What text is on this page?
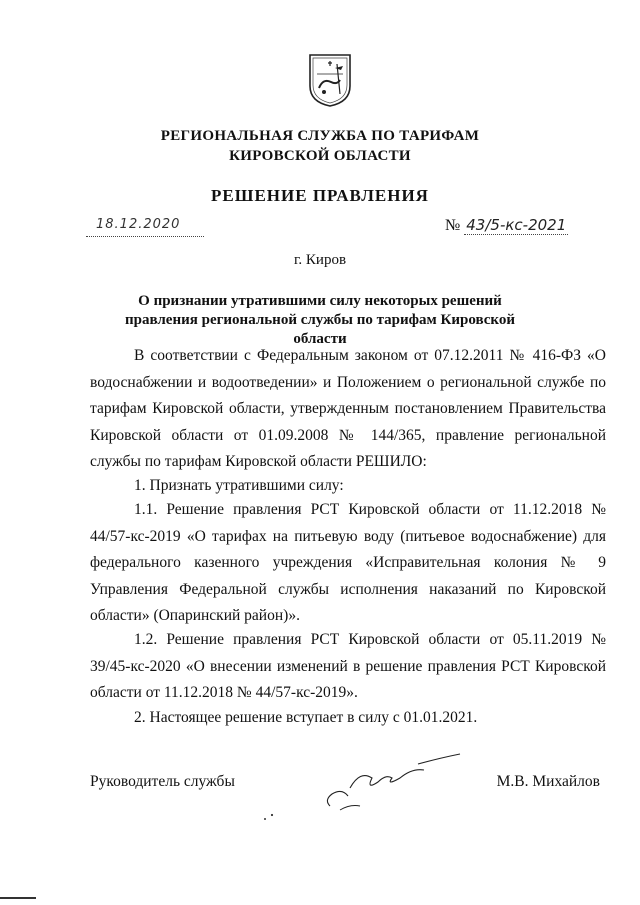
РЕГИОНАЛЬНАЯ СЛУЖБА ПО ТАРИФАМ
КИРОВСКОЙ ОБЛАСТИ
РЕШЕНИЕ ПРАВЛЕНИЯ
18.12.2020	№ 43/5-кс-2021
г. Киров
О признании утратившими силу некоторых решений правления региональной службы по тарифам Кировской области
В соответствии с Федеральным законом от 07.12.2011 № 416-ФЗ «О водоснабжении и водоотведении» и Положением о региональной службе по тарифам Кировской области, утвержденным постановлением Правительства Кировской области от 01.09.2008 № 144/365, правление региональной службы по тарифам Кировской области РЕШИЛО:
1. Признать утратившими силу:
1.1. Решение правления РСТ Кировской области от 11.12.2018 № 44/57-кс-2019 «О тарифах на питьевую воду (питьевое водоснабжение) для федерального казенного учреждения «Исправительная колония № 9 Управления Федеральной службы исполнения наказаний по Кировской области» (Опаринский район)».
1.2. Решение правления РСТ Кировской области от 05.11.2019 № 39/45-кс-2020 «О внесении изменений в решение правления РСТ Кировской области от 11.12.2018 № 44/57-кс-2019».
2. Настоящее решение вступает в силу с 01.01.2021.
Руководитель службы	М.В. Михайлов
